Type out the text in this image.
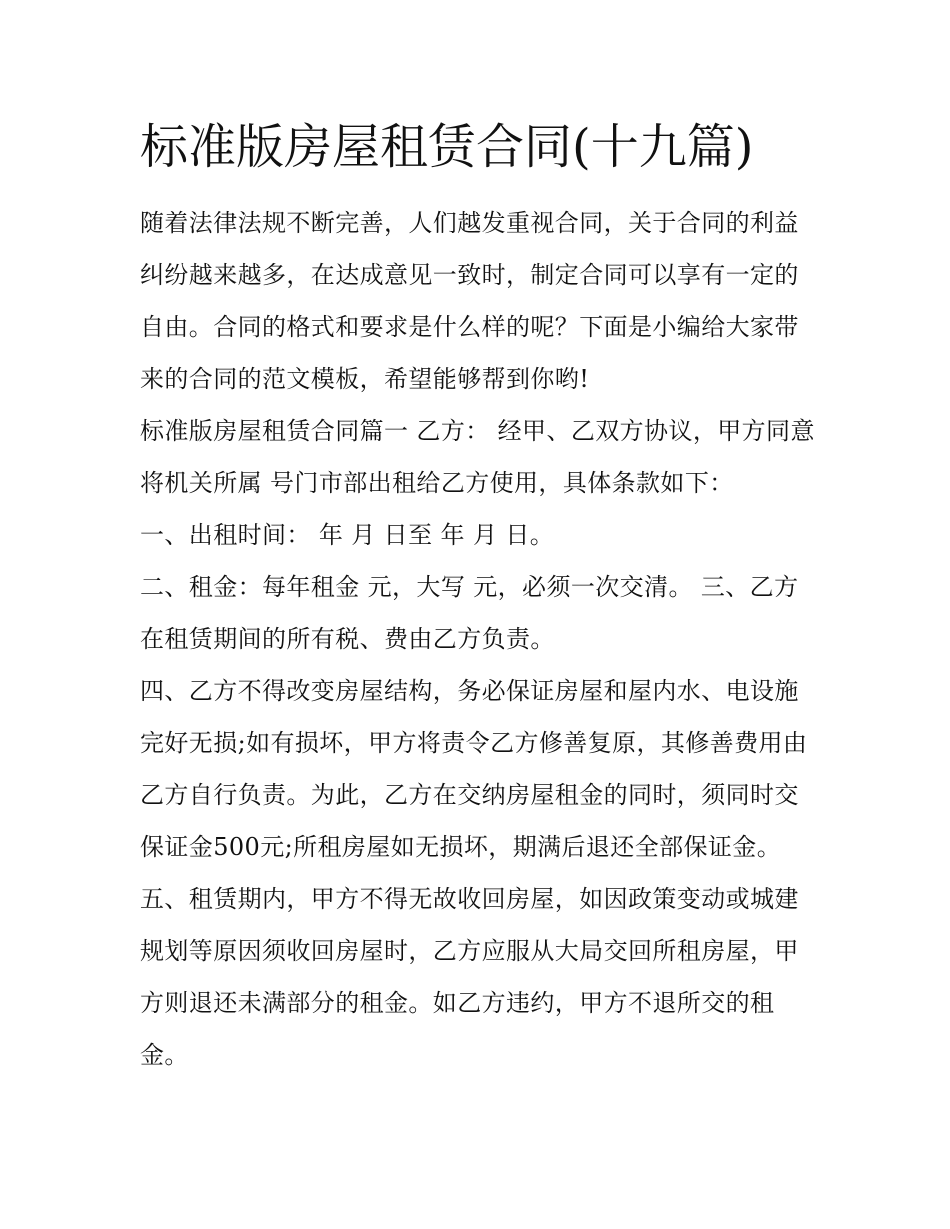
标准版房屋租赁合同(十九篇)

随着法律法规不断完善，人们越发重视合同，关于合同的利益纠纷越来越多，在达成意见一致时，制定合同可以享有一定的自由。合同的格式和要求是什么样的呢？下面是小编给大家带来的合同的范文模板，希望能够帮到你哟!

标准版房屋租赁合同篇一 乙方： 经甲、乙双方协议，甲方同意将机关所属 号门市部出租给乙方使用，具体条款如下：

一、出租时间： 年 月 日至 年 月 日。

二、租金：每年租金 元，大写 元，必须一次交清。 三、乙方在租赁期间的所有税、费由乙方负责。

四、乙方不得改变房屋结构，务必保证房屋和屋内水、电设施完好无损;如有损坏，甲方将责令乙方修善复原，其修善费用由乙方自行负责。为此，乙方在交纳房屋租金的同时，须同时交保证金500元;所租房屋如无损坏，期满后退还全部保证金。

五、租赁期内，甲方不得无故收回房屋，如因政策变动或城建规划等原因须收回房屋时，乙方应服从大局交回所租房屋，甲方则退还未满部分的租金。如乙方违约，甲方不退所交的租金。
